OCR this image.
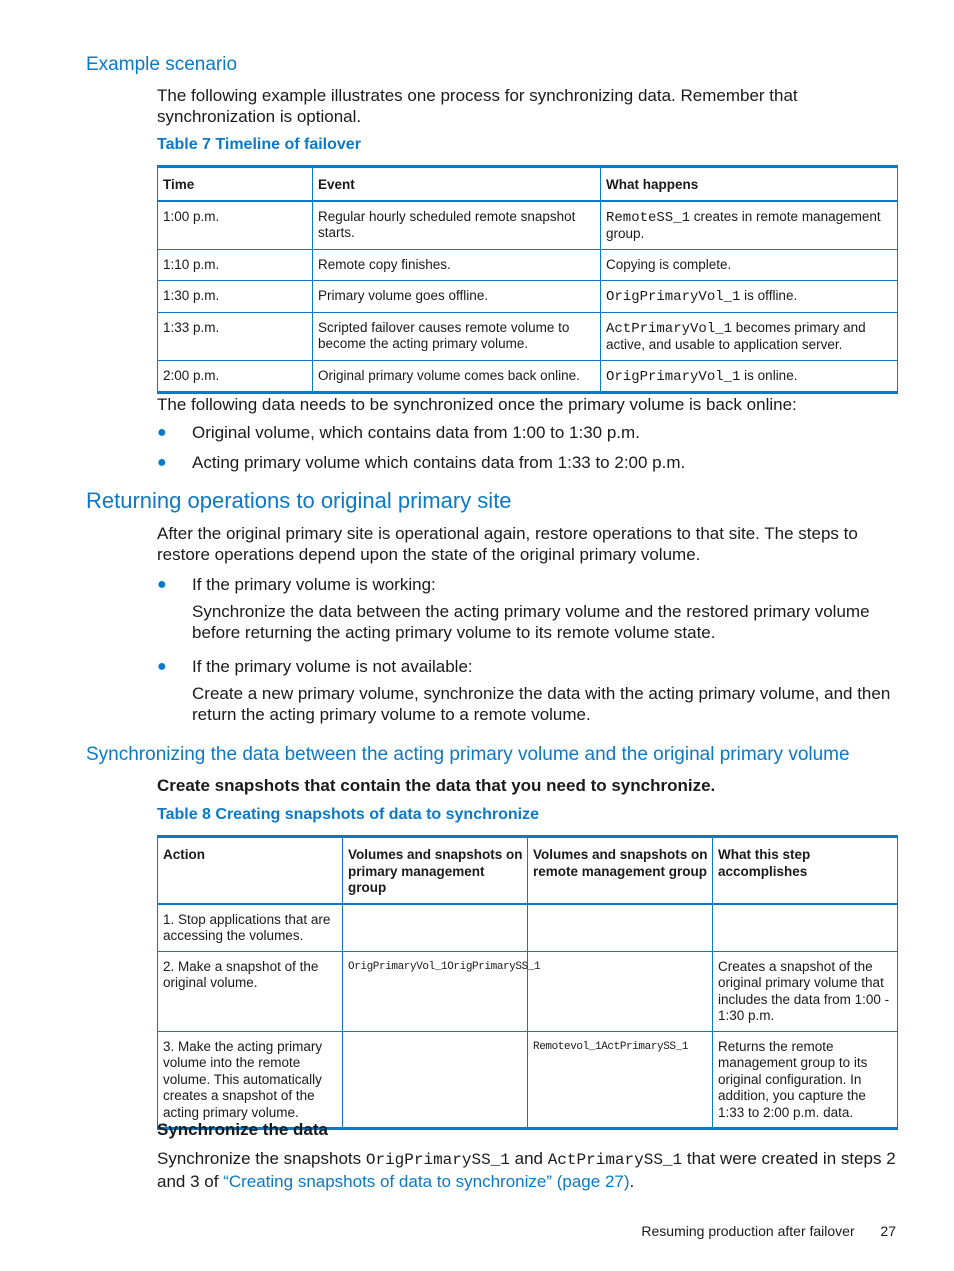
Example scenario

The following example illustrates one process for synchronizing data. Remember that synchronization is optional.

Table 7 Timeline of failover

Time	Event	What happens
1:00 p.m.	Regular hourly scheduled remote snapshot starts.	RemoteSS_1 creates in remote management group.
1:10 p.m.	Remote copy finishes.	Copying is complete.
1:30 p.m.	Primary volume goes offline.	OrigPrimaryVol_1 is offline.
1:33 p.m.	Scripted failover causes remote volume to become the acting primary volume.	ActPrimaryVol_1 becomes primary and active, and usable to application server.
2:00 p.m.	Original primary volume comes back online.	OrigPrimaryVol_1 is online.

The following data needs to be synchronized once the primary volume is back online:

● Original volume, which contains data from 1:00 to 1:30 p.m.
● Acting primary volume which contains data from 1:33 to 2:00 p.m.
Returning operations to original primary site

After the original primary site is operational again, restore operations to that site. The steps to restore operations depend upon the state of the original primary volume.

● If the primary volume is working:

Synchronize the data between the acting primary volume and the restored primary volume before returning the acting primary volume to its remote volume state.

● If the primary volume is not available:

Create a new primary volume, synchronize the data with the acting primary volume, and then return the acting primary volume to a remote volume.

Synchronizing the data between the acting primary volume and the original primary volume

Create snapshots that contain the data that you need to synchronize.

Table 8 Creating snapshots of data to synchronize

Action	Volumes and snapshots on primary management group	Volumes and snapshots on remote management group	What this step accomplishes
1. Stop applications that are accessing the volumes.			
2. Make a snapshot of the original volume.	OrigPrimaryVol_1OrigPrimarySS_1		Creates a snapshot of the original primary volume that includes the data from 1:00 - 1:30 p.m.
3. Make the acting primary volume into the remote volume. This automatically creates a snapshot of the acting primary volume.		Remotevol_1ActPrimarySS_1	Returns the remote management group to its original configuration. In addition, you capture the 1:33 to 2:00 p.m. data.

Synchronize the data

Synchronize the snapshots OrigPrimarySS_1 and ActPrimarySS_1 that were created in steps 2 and 3 of “Creating snapshots of data to synchronize” (page 27).

Resuming production after failover 27
